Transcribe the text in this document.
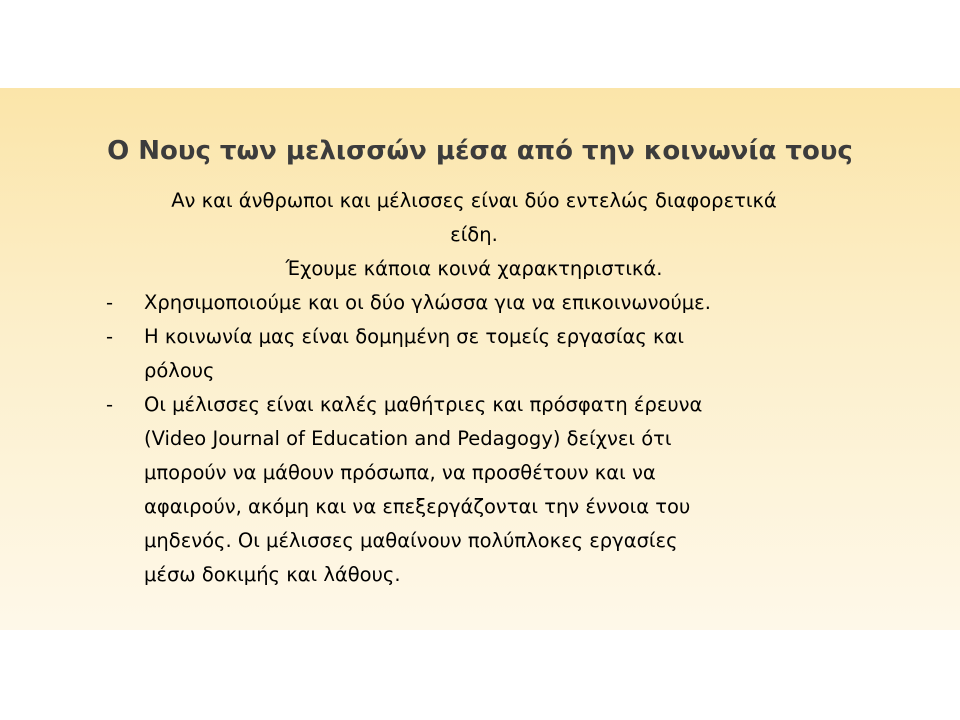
Ο Νους των μελισσών μέσα από την κοινωνία τους

Αν και άνθρωποι και μέλισσες είναι δύο εντελώς διαφορετικά

είδη.

Έχουμε κάποια κοινά χαρακτηριστικά.

- Χρησιμοποιούμε και οι δύο γλώσσα για να επικοινωνούμε.
- Η κοινωνία μας είναι δομημένη σε τομείς εργασίας και
ρόλους
- Οι μέλισσες είναι καλές μαθήτριες και πρόσφατη έρευνα
(Video Journal of Education and Pedagogy) δείχνει ότι
μπορούν να μάθουν πρόσωπα, να προσθέτουν και να
αφαιρούν, ακόμη και να επεξεργάζονται την έννοια του
μηδενός. Οι μέλισσες μαθαίνουν πολύπλοκες εργασίες
μέσω δοκιμής και λάθους.
